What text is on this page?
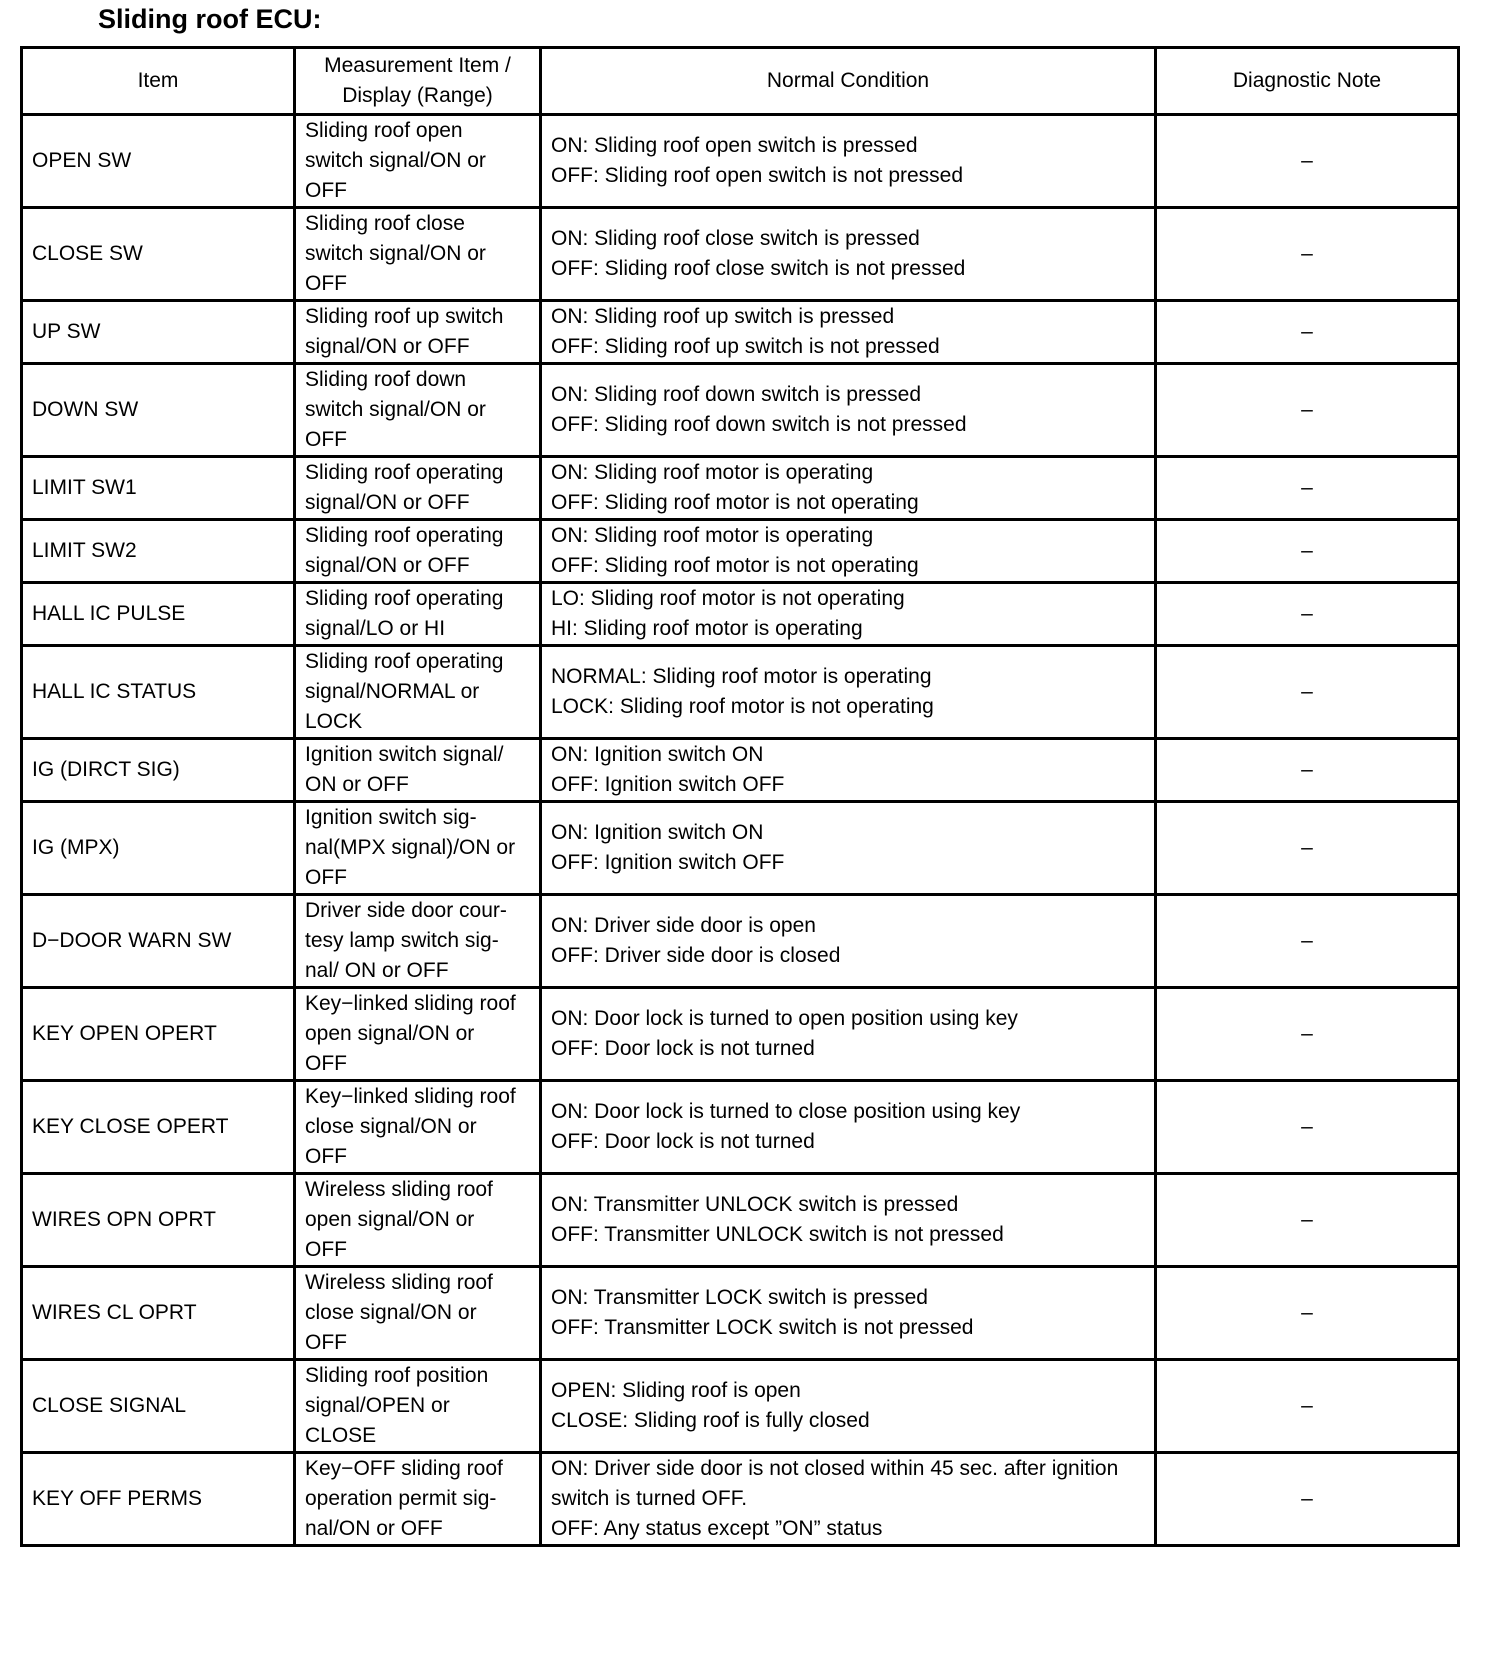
Sliding roof ECU:
Item	Measurement Item /
Display (Range)	Normal Condition	Diagnostic Note
OPEN SW	Sliding roof open
switch signal/ON or
OFF	ON: Sliding roof open switch is pressed
OFF: Sliding roof open switch is not pressed	–
CLOSE SW	Sliding roof close
switch signal/ON or
OFF	ON: Sliding roof close switch is pressed
OFF: Sliding roof close switch is not pressed	–
UP SW	Sliding roof up switch
signal/ON or OFF	ON: Sliding roof up switch is pressed
OFF: Sliding roof up switch is not pressed	–
DOWN SW	Sliding roof down
switch signal/ON or
OFF	ON: Sliding roof down switch is pressed
OFF: Sliding roof down switch is not pressed	–
LIMIT SW1	Sliding roof operating
signal/ON or OFF	ON: Sliding roof motor is operating
OFF: Sliding roof motor is not operating	–
LIMIT SW2	Sliding roof operating
signal/ON or OFF	ON: Sliding roof motor is operating
OFF: Sliding roof motor is not operating	–
HALL IC PULSE	Sliding roof operating
signal/LO or HI	LO: Sliding roof motor is not operating
HI: Sliding roof motor is operating	–
HALL IC STATUS	Sliding roof operating
signal/NORMAL or
LOCK	NORMAL: Sliding roof motor is operating
LOCK: Sliding roof motor is not operating	–
IG (DIRCT SIG)	Ignition switch signal/
ON or OFF	ON: Ignition switch ON
OFF: Ignition switch OFF	–
IG (MPX)	Ignition switch sig-
nal(MPX signal)/ON or
OFF	ON: Ignition switch ON
OFF: Ignition switch OFF	–
D−DOOR WARN SW	Driver side door cour-
tesy lamp switch sig-
nal/ ON or OFF	ON: Driver side door is open
OFF: Driver side door is closed	–
KEY OPEN OPERT	Key−linked sliding roof
open signal/ON or
OFF	ON: Door lock is turned to open position using key
OFF: Door lock is not turned	–
KEY CLOSE OPERT	Key−linked sliding roof
close signal/ON or
OFF	ON: Door lock is turned to close position using key
OFF: Door lock is not turned	–
WIRES OPN OPRT	Wireless sliding roof
open signal/ON or
OFF	ON: Transmitter UNLOCK switch is pressed
OFF: Transmitter UNLOCK switch is not pressed	–
WIRES CL OPRT	Wireless sliding roof
close signal/ON or
OFF	ON: Transmitter LOCK switch is pressed
OFF: Transmitter LOCK switch is not pressed	–
CLOSE SIGNAL	Sliding roof position
signal/OPEN or
CLOSE	OPEN: Sliding roof is open
CLOSE: Sliding roof is fully closed	–
KEY OFF PERMS	Key−OFF sliding roof
operation permit sig-
nal/ON or OFF	ON: Driver side door is not closed within 45 sec. after ignition
switch is turned OFF.
OFF: Any status except ”ON” status	–
